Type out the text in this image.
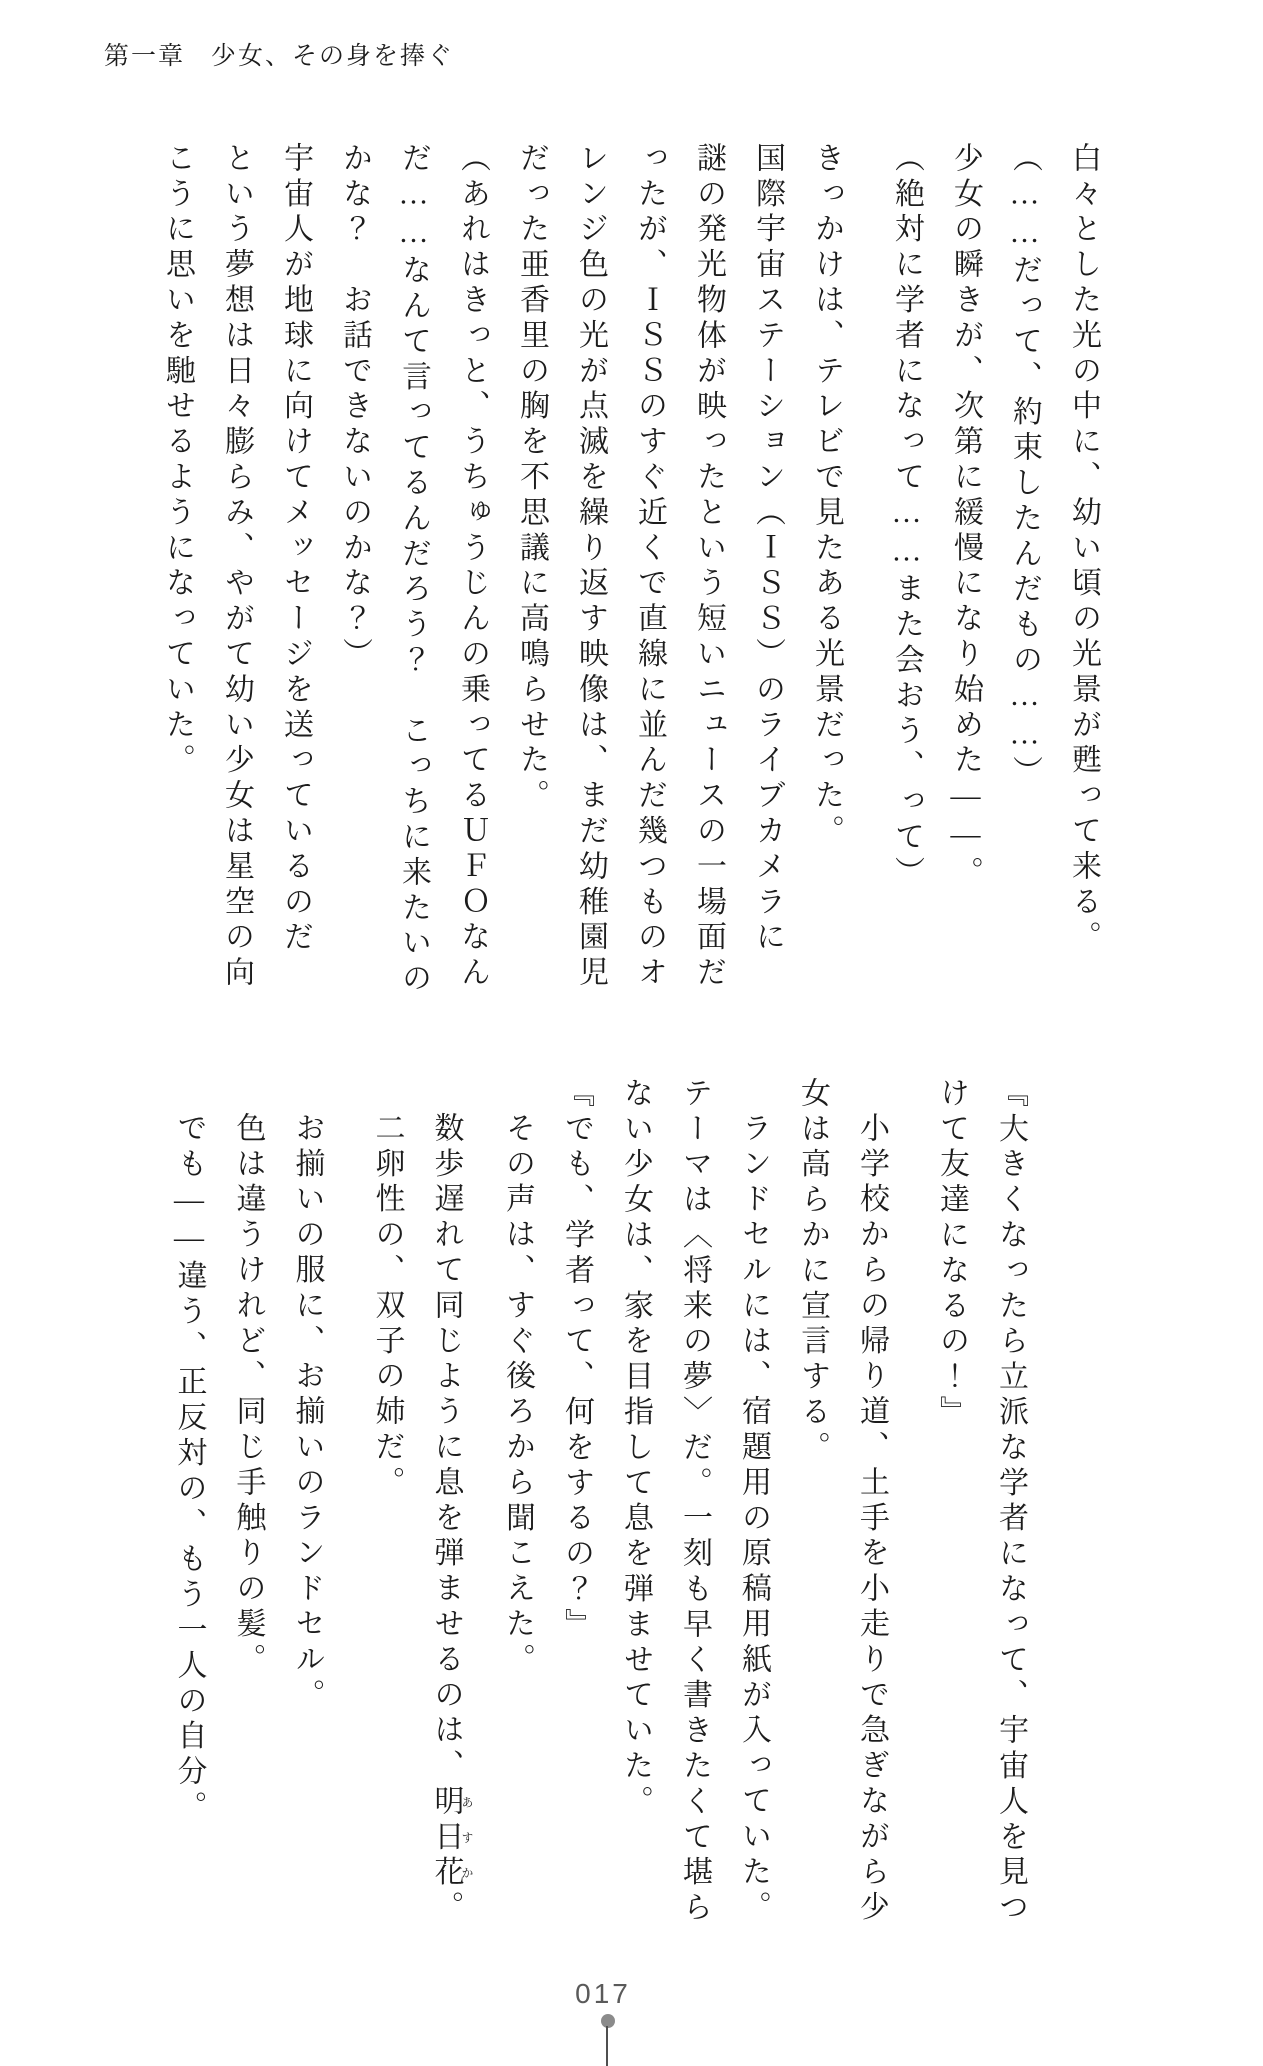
第一章 少女、その身を捧ぐ
白々とした光の中に、幼い頃の光景が甦って来る。
（……だって、約束したんだもの……）
少女の瞬きが、次第に緩慢になり始めた――。
（絶対に学者になって……また会おう、って）
きっかけは、テレビで見たある光景だった。
国際宇宙ステーション（ＩＳＳ）のライブカメラに
謎の発光物体が映ったという短いニュースの一場面だ
ったが、ＩＳＳのすぐ近くで直線に並んだ幾つものオ
レンジ色の光が点滅を繰り返す映像は、まだ幼稚園児
だった亜香里の胸を不思議に高鳴らせた。
（あれはきっと、うちゅうじんの乗ってるＵＦＯなん
だ……なんて言ってるんだろう？　こっちに来たいの
かな？　お話できないのかな？）
宇宙人が地球に向けてメッセージを送っているのだ
という夢想は日々膨らみ、やがて幼い少女は星空の向
こうに思いを馳せるようになっていた。
『大きくなったら立派な学者になって、宇宙人を見つ
けて友達になるの！』
小学校からの帰り道、土手を小走りで急ぎながら少
女は高らかに宣言する。
ランドセルには、宿題用の原稿用紙が入っていた。
テーマは〈将来の夢〉だ。一刻も早く書きたくて堪ら
ない少女は、家を目指して息を弾ませていた。
『でも、学者って、何をするの？』
その声は、すぐ後ろから聞こえた。
数歩遅れて同じように息を弾ませるのは、明日花あすか。
二卵性の、双子の姉だ。
お揃いの服に、お揃いのランドセル。
色は違うけれど、同じ手触りの髪。
でも――違う、正反対の、もう一人の自分。
017
